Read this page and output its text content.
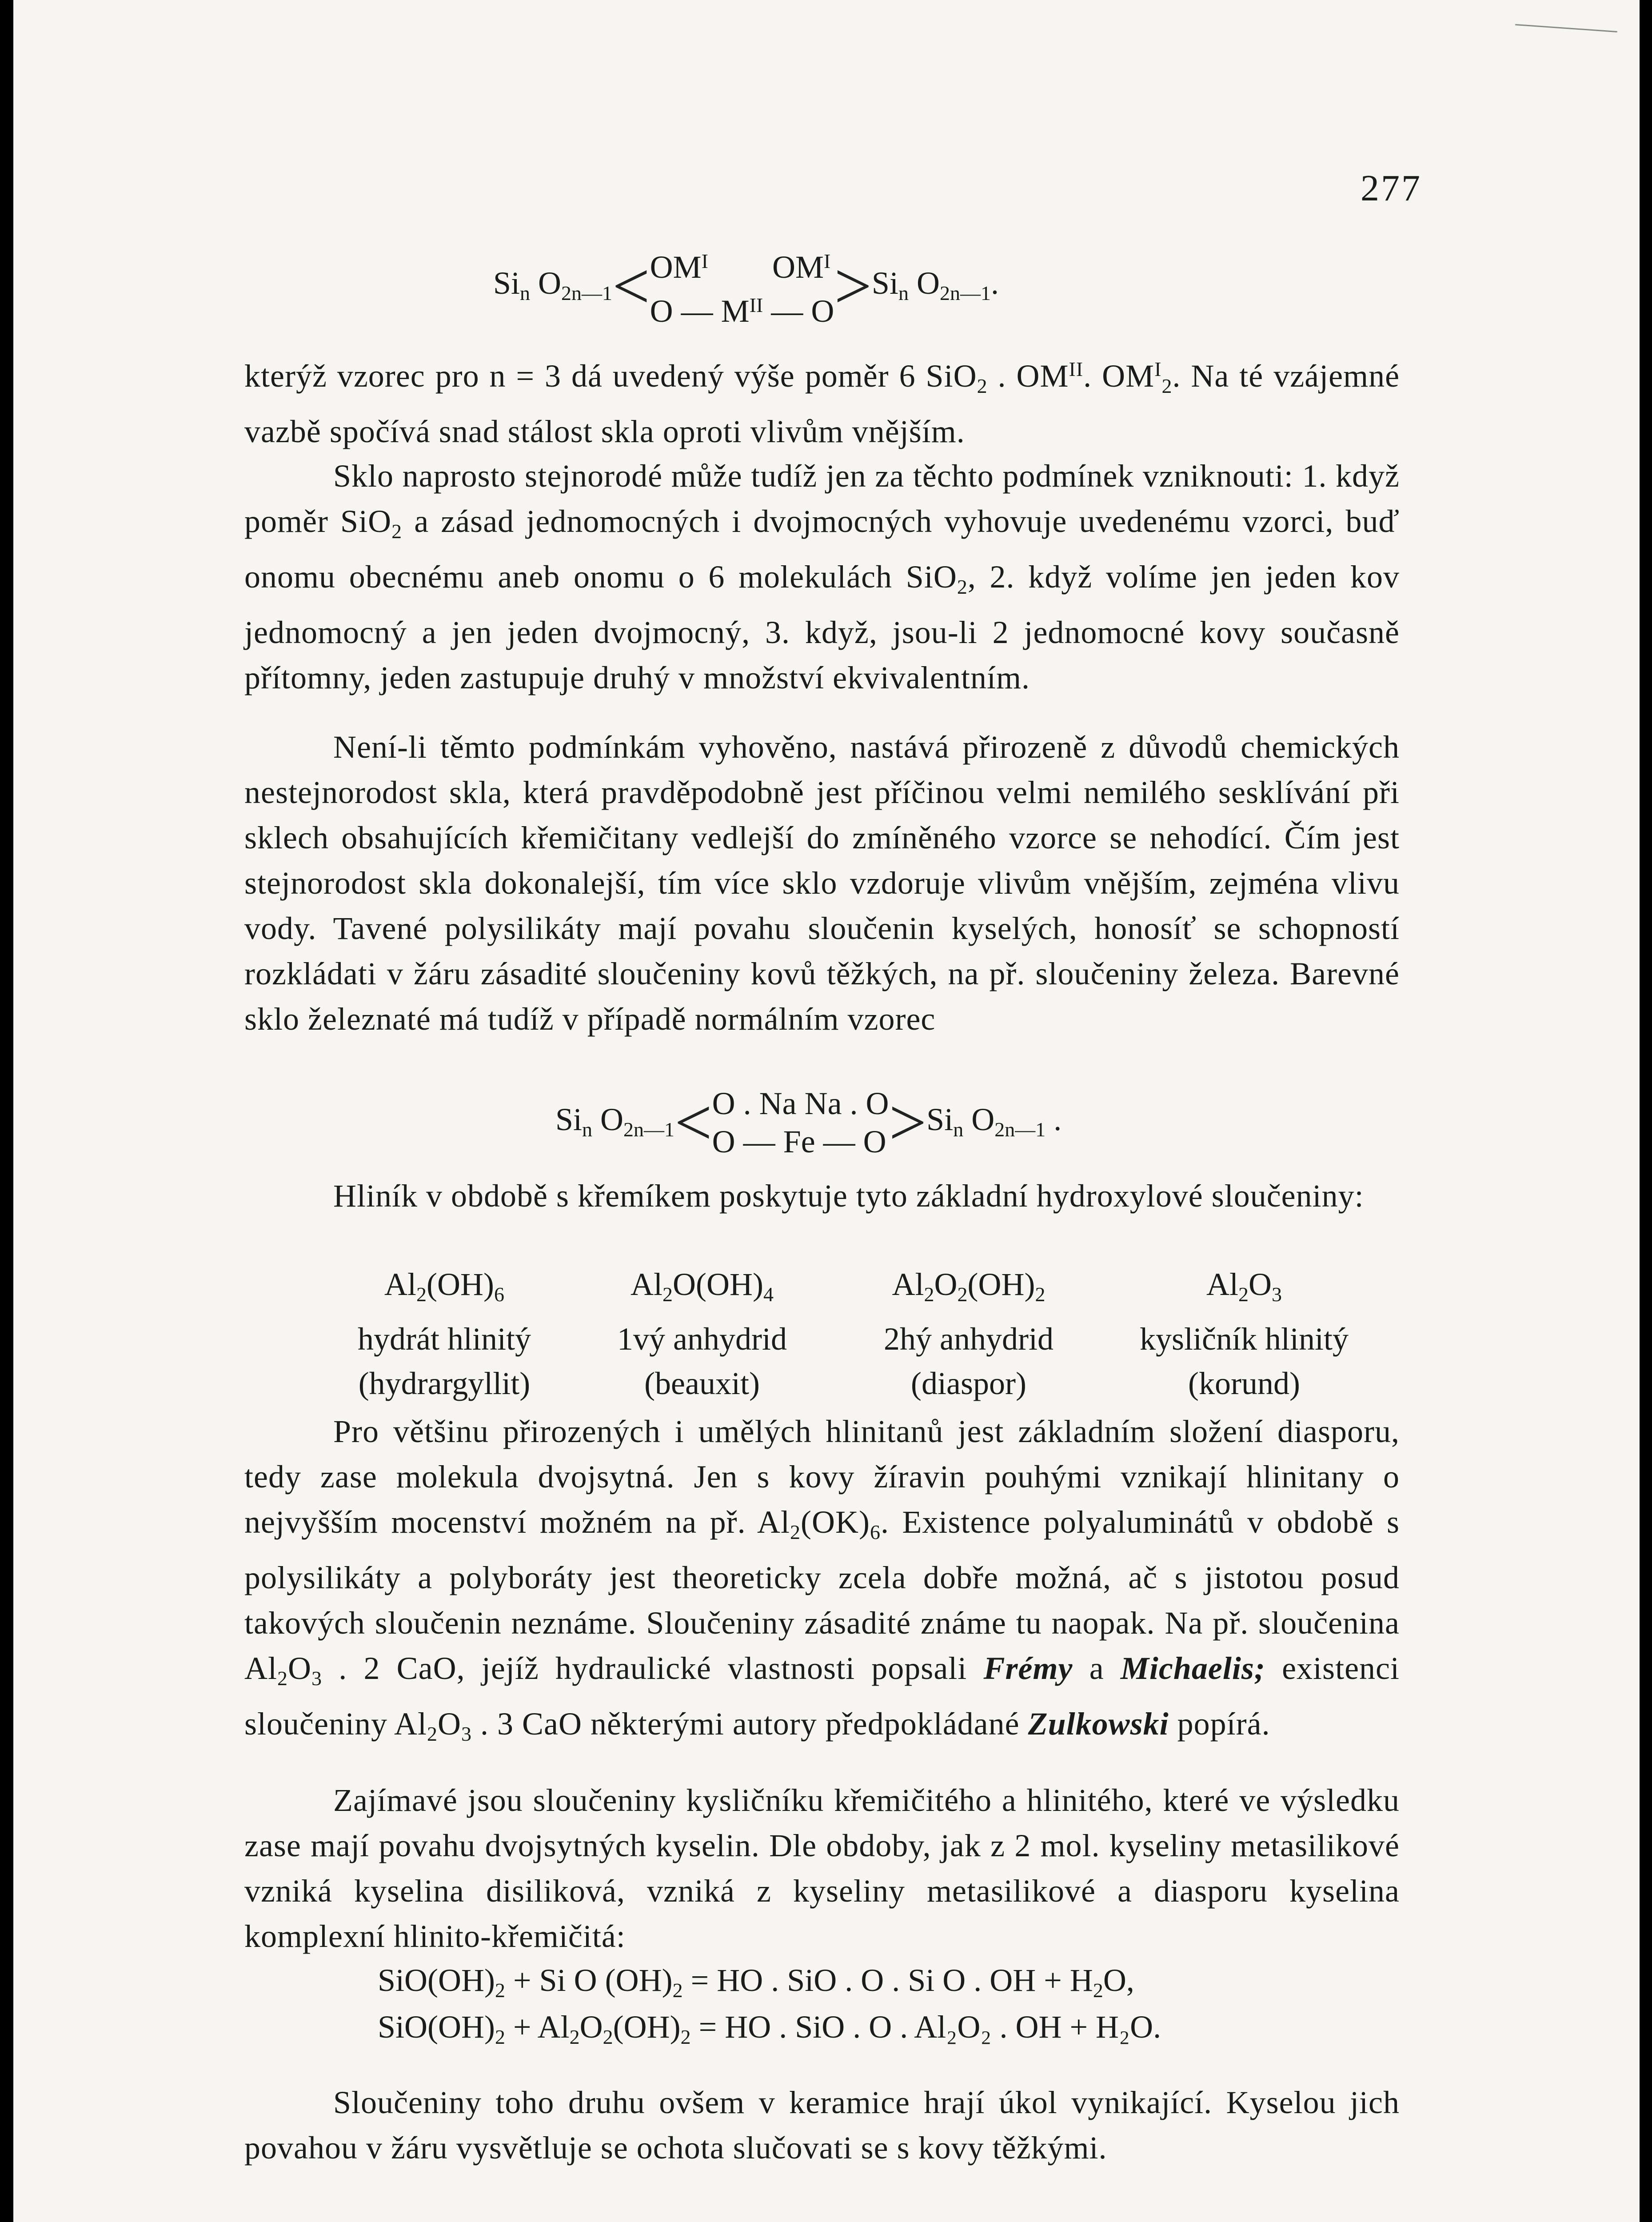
277
$Si_n$ $O_{2n—1}< OM^I$ $OM^I$
O — $M^{II}$ — $O >Si_n$ $O_{2n—1}$.

kterýž vzorec pro n = 3 dá uvedený výše poměr 6 SiO$_2$ . $OM^{II}$. $OM^I_2$. Na té vzájemné vazbě spočívá snad stálost skla oproti vlivům vnějším.

Sklo naprosto stejnorodé může tudíž jen za těchto podmínek vzniknouti: 1. když poměr SiO$_2$ a zásad jednomocných i dvojmocných vyhovuje uvedenému vzorci, buď onomu obecnému aneb onomu o 6 molekulách SiO$_2$, 2. když volíme jen jeden kov jednomocný a jen jeden dvojmocný, 3. když, jsou-li 2 jednomocné kovy současně přítomny, jeden zastupuje druhý v množství ekvivalentním.

Není-li těmto podmínkám vyhověno, nastává přirozeně z důvodů chemických nestejnorodost skla, která pravděpodobně jest příčinou velmi nemilého sesklívání při sklech obsahujících křemičitany vedlejší do zmíněného vzorce se nehodící. Čím jest stejnorodost skla dokonalejší, tím více sklo vzdoruje vlivům vnějším, zejména vlivu vody. Tavené polysilikáty mají povahu sloučenin kyselých, honosíť se schopností rozkládati v žáru zásadité sloučeniny kovů těžkých, na př. sloučeniny železa. Barevné sklo železnaté má tudíž v případě normálním vzorec

$Si_n$ $O_{2n—1}< O$ . Na Na . O
O — Fe — $O >Si_n$ $O_{2n—1}$ .

Hliník v obdobě s křemíkem poskytuje tyto základní hydroxylové sloučeniny:

$Al_2(OH)_6$
hydrát hlinitý
(hydrargyllit)
$Al_2O(OH)_4$
1vý anhydrid
(beauxit)
$Al_2O_2(OH)_2$
2hý anhydrid
(diaspor)
$Al_2O_3$
kysličník hlinitý
(korund)

Pro většinu přirozených i umělých hlinitanů jest základním složení diasporu, tedy zase molekula dvojsytná. Jen s kovy žíravin pouhými vznikají hlinitany o nejvyšším mocenství možném na př. $Al_2(OK)_6$. Existence polyaluminátů v obdobě s polysilikáty a polyboráty jest theoreticky zcela dobře možná, ač s jistotou posud takových sloučenin neznáme. Sloučeniny zásadité známe tu naopak. Na př. sloučenina $Al_2O_3$ . 2 CaO, jejíž hydraulické vlastnosti popsali Frémy a Michaelis; existenci sloučeniny $Al_2O_3$ . 3 CaO některými autory předpokládané Zulkowski popírá.

Zajímavé jsou sloučeniny kysličníku křemičitého a hlinitého, které ve výsledku zase mají povahu dvojsytných kyselin. Dle obdoby, jak z 2 mol. kyseliny metasilikové vzniká kyselina disiliková, vzniká z kyseliny metasilikové a diasporu kyselina komplexní hlinito-křemičitá:

$SiO(OH)_2 + Si$ O $(OH)_2$ = HO . SiO . O . Si O . OH + $H_2O$,
$SiO(OH)_2 + Al_2O_2(OH)_2$ = HO . SiO . O . Al₂O₂ . OH + H₂O.

Sloučeniny toho druhu ovšem v keramice hrají úkol vynikající. Kyselou jich povahou v žáru vysvětluje se ochota slučovati se s kovy těžkými.
